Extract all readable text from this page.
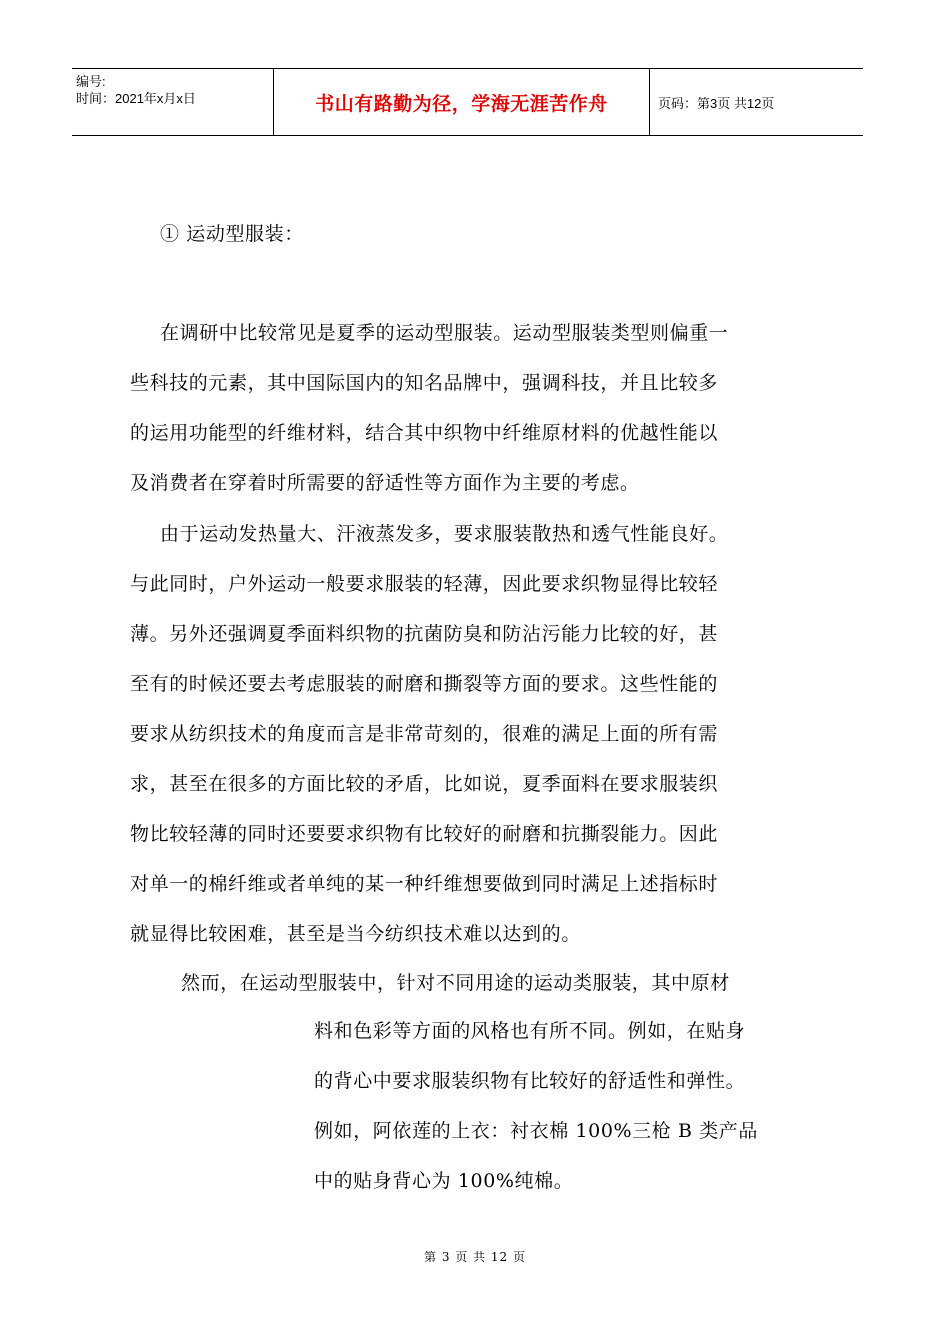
编号:
时间：2021年x月x日	书山有路勤为径，学海无涯苦作舟	页码：第3页 共12页
① 运动型服装：
在调研中比较常见是夏季的运动型服装。运动型服装类型则偏重一
些科技的元素，其中国际国内的知名品牌中，强调科技，并且比较多
的运用功能型的纤维材料，结合其中织物中纤维原材料的优越性能以
及消费者在穿着时所需要的舒适性等方面作为主要的考虑。
由于运动发热量大、汗液蒸发多，要求服装散热和透气性能良好。
与此同时，户外运动一般要求服装的轻薄，因此要求织物显得比较轻
薄。另外还强调夏季面料织物的抗菌防臭和防沾污能力比较的好，甚
至有的时候还要去考虑服装的耐磨和撕裂等方面的要求。这些性能的
要求从纺织技术的角度而言是非常苛刻的，很难的满足上面的所有需
求，甚至在很多的方面比较的矛盾，比如说，夏季面料在要求服装织
物比较轻薄的同时还要要求织物有比较好的耐磨和抗撕裂能力。因此
对单一的棉纤维或者单纯的某一种纤维想要做到同时满足上述指标时
就显得比较困难，甚至是当今纺织技术难以达到的。
然而，在运动型服装中，针对不同用途的运动类服装，其中原材
料和色彩等方面的风格也有所不同。例如，在贴身
的背心中要求服装织物有比较好的舒适性和弹性。
例如，阿依莲的上衣：衬衣棉 100%三枪 B 类产品
中的贴身背心为 100%纯棉。
第 3 页 共 12 页
